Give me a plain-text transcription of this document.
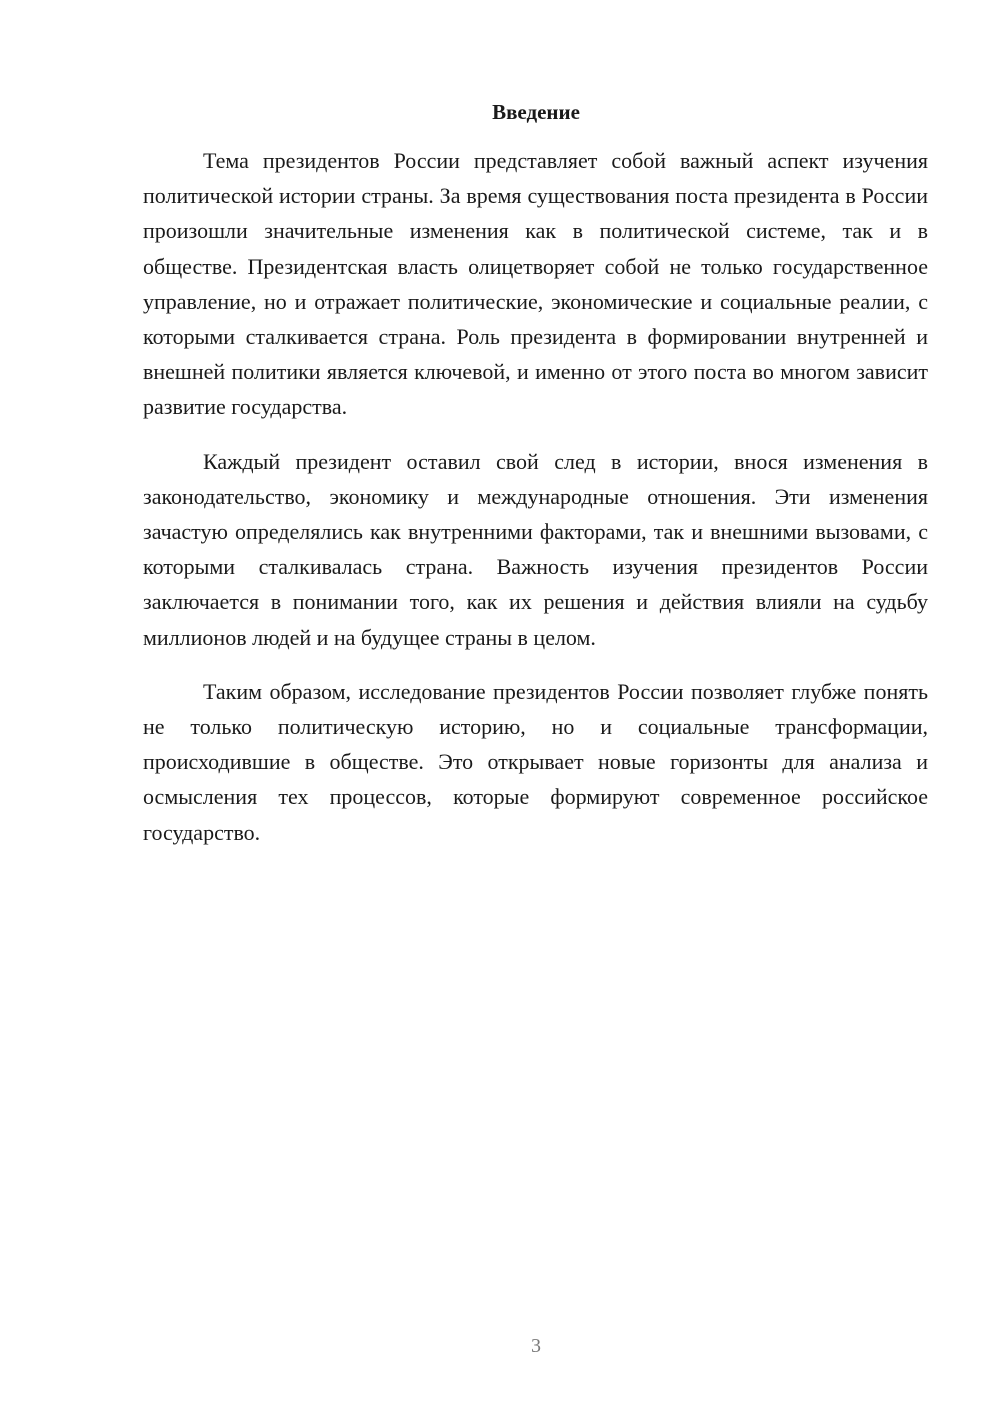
Введение

Тема президентов России представляет собой важный аспект изучения политической истории страны. За время существования поста президента в России произошли значительные изменения как в политической системе, так и в обществе. Президентская власть олицетворяет собой не только государственное управление, но и отражает политические, экономические и социальные реалии, с которыми сталкивается страна. Роль президента в формировании внутренней и внешней политики является ключевой, и именно от этого поста во многом зависит развитие государства.

Каждый президент оставил свой след в истории, внося изменения в законодательство, экономику и международные отношения. Эти изменения зачастую определялись как внутренними факторами, так и внешними вызовами, с которыми сталкивалась страна. Важность изучения президентов России заключается в понимании того, как их решения и действия влияли на судьбу миллионов людей и на будущее страны в целом.

Таким образом, исследование президентов России позволяет глубже понять не только политическую историю, но и социальные трансформации, происходившие в обществе. Это открывает новые горизонты для анализа и осмысления тех процессов, которые формируют современное российское государство.

3
